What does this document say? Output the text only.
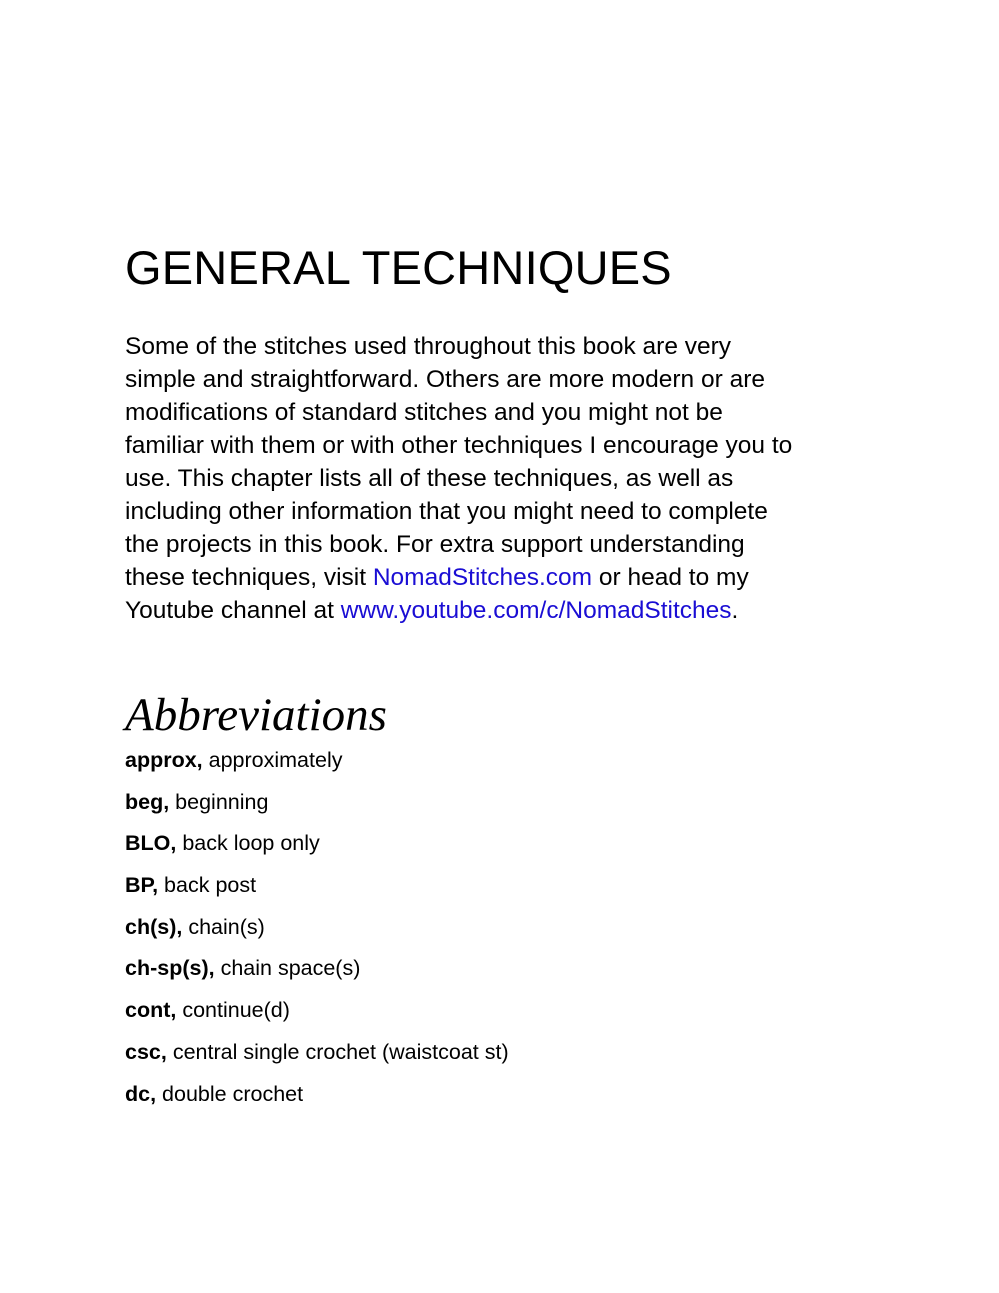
GENERAL TECHNIQUES

Some of the stitches used throughout this book are very
simple and straightforward. Others are more modern or are
modifications of standard stitches and you might not be
familiar with them or with other techniques I encourage you to
use. This chapter lists all of these techniques, as well as
including other information that you might need to complete
the projects in this book. For extra support understanding
these techniques, visit NomadStitches.com or head to my
Youtube channel at www.youtube.com/c/NomadStitches.

Abbreviations
approx, approximately
beg, beginning
BLO, back loop only
BP, back post
ch(s), chain(s)
ch-sp(s), chain space(s)
cont, continue(d)
csc, central single crochet (waistcoat st)
dc, double crochet
